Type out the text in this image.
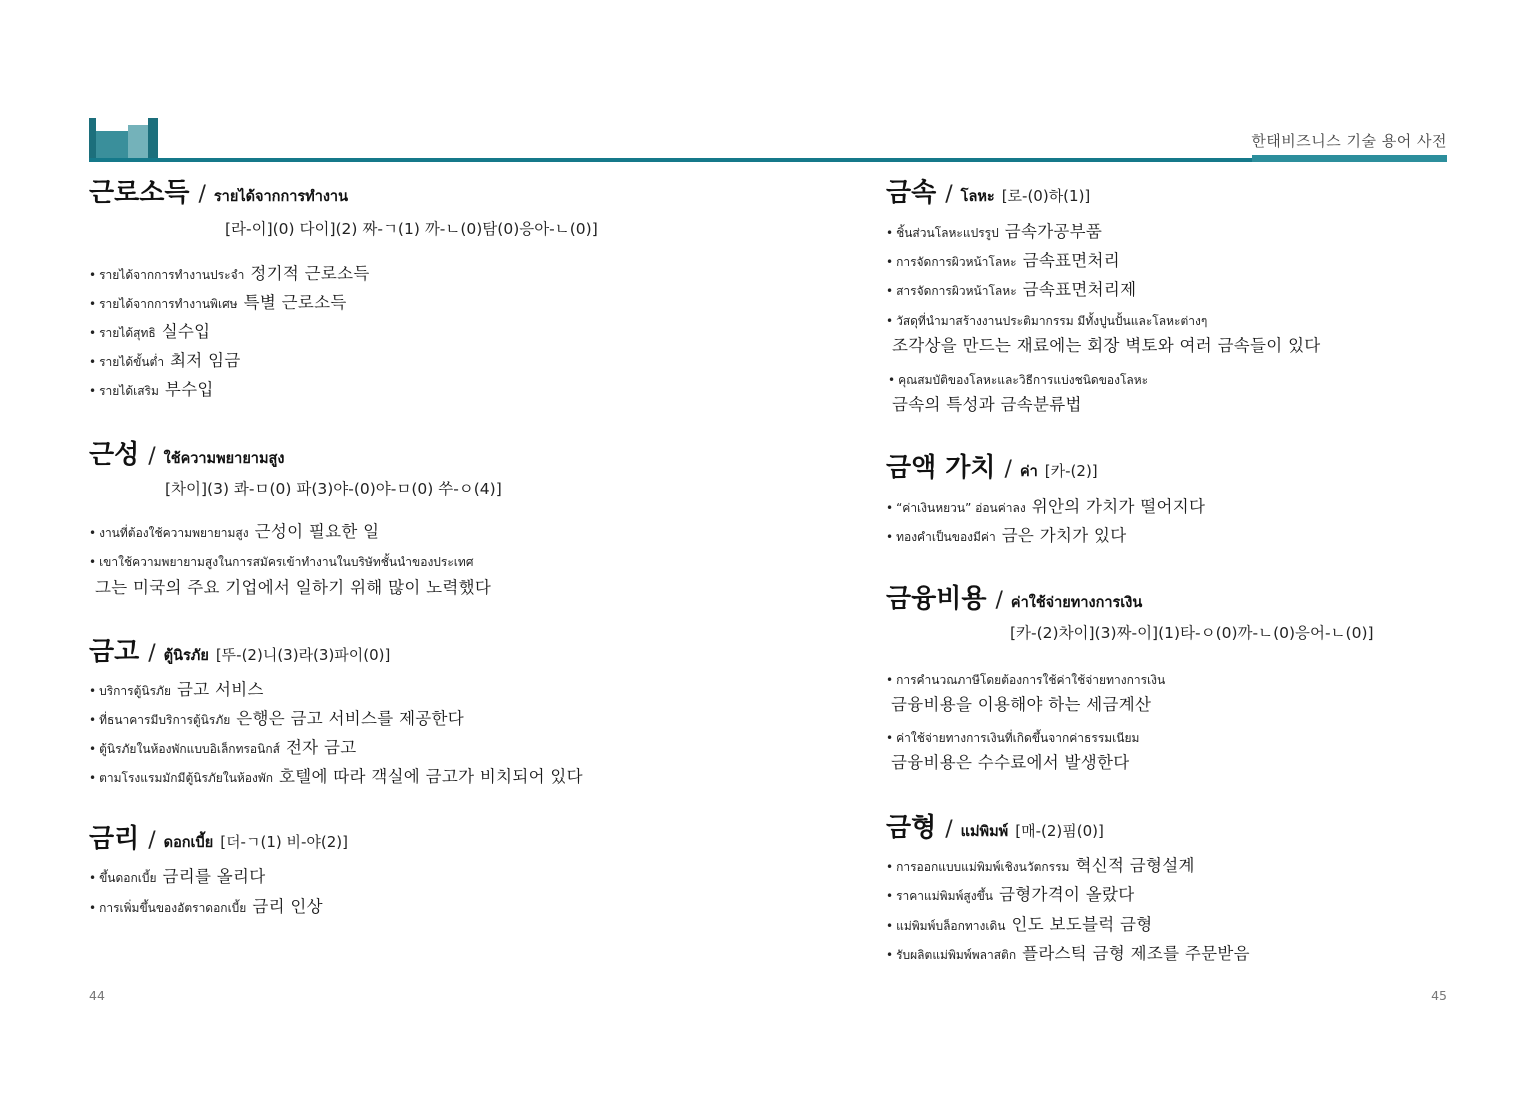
한태비즈니스 기술 용어 사전
근로소득 / รายได้จากการทำงาน
[라-이](0) 다이](2) 짜-ㄱ(1) 까-ㄴ(0)탐(0)응아-ㄴ(0)]
• รายได้จากการทำงานประจำ 정기적 근로소득
• รายได้จากการทำงานพิเศษ 특별 근로소득
• รายได้สุทธิ 실수입
• รายได้ขั้นต่ำ 최저 임금
• รายได้เสริม 부수입
근성 / ใช้ความพยายามสูง
[차이](3) 콰-ㅁ(0) 파(3)야-(0)야-ㅁ(0) 쑤-ㅇ(4)]
• งานที่ต้องใช้ความพยายามสูง 근성이 필요한 일
• เขาใช้ความพยายามสูงในการสมัครเข้าทำงานในบริษัทชั้นนำของประเทศ
그는 미국의 주요 기업에서 일하기 위해 많이 노력했다
금고 / ตู้นิรภัย [뚜-(2)니(3)라(3)파이(0)]
• บริการตู้นิรภัย 금고 서비스
• ที่ธนาคารมีบริการตู้นิรภัย 은행은 금고 서비스를 제공한다
• ตู้นิรภัยในห้องพักแบบอิเล็กทรอนิกส์ 전자 금고
• ตามโรงแรมมักมีตู้นิรภัยในห้องพัก 호텔에 따라 객실에 금고가 비치되어 있다
금리 / ดอกเบี้ย [더-ㄱ(1) 비-야(2)]
• ขึ้นดอกเบี้ย 금리를 올리다
• การเพิ่มขึ้นของอัตราดอกเบี้ย 금리 인상
44
금속 / โลหะ [로-(0)하(1)]
• ชิ้นส่วนโลหะแปรรูป 금속가공부품
• การจัดการผิวหน้าโลหะ 금속표면처리
• สารจัดการผิวหน้าโลหะ 금속표면처리제
• วัสดุที่นำมาสร้างงานประติมากรรม มีทั้งปูนปั้นและโลหะต่างๆ
조각상을 만드는 재료에는 회장 벽토와 여러 금속들이 있다
• คุณสมบัติของโลหะและวิธีการแบ่งชนิดของโลหะ
금속의 특성과 금속분류법
금액 가치 / ค่า [카-(2)]
• “ค่าเงินหยวน” อ่อนค่าลง 위안의 가치가 떨어지다
• ทองคำเป็นของมีค่า 금은 가치가 있다
금융비용 / ค่าใช้จ่ายทางการเงิน
[카-(2)차이](3)짜-이](1)타-ㅇ(0)까-ㄴ(0)응어-ㄴ(0)]
• การคำนวณภาษีโดยต้องการใช้ค่าใช้จ่ายทางการเงิน
금융비용을 이용해야 하는 세금계산
• ค่าใช้จ่ายทางการเงินที่เกิดขึ้นจากค่าธรรมเนียม
금융비용은 수수료에서 발생한다
금형 / แม่พิมพ์ [매-(2)핌(0)]
• การออกแบบแม่พิมพ์เชิงนวัตกรรม 혁신적 금형설계
• ราคาแม่พิมพ์สูงขึ้น 금형가격이 올랐다
• แม่พิมพ์บล็อกทางเดิน 인도 보도블럭 금형
• รับผลิตแม่พิมพ์พลาสติก 플라스틱 금형 제조를 주문받음
45
